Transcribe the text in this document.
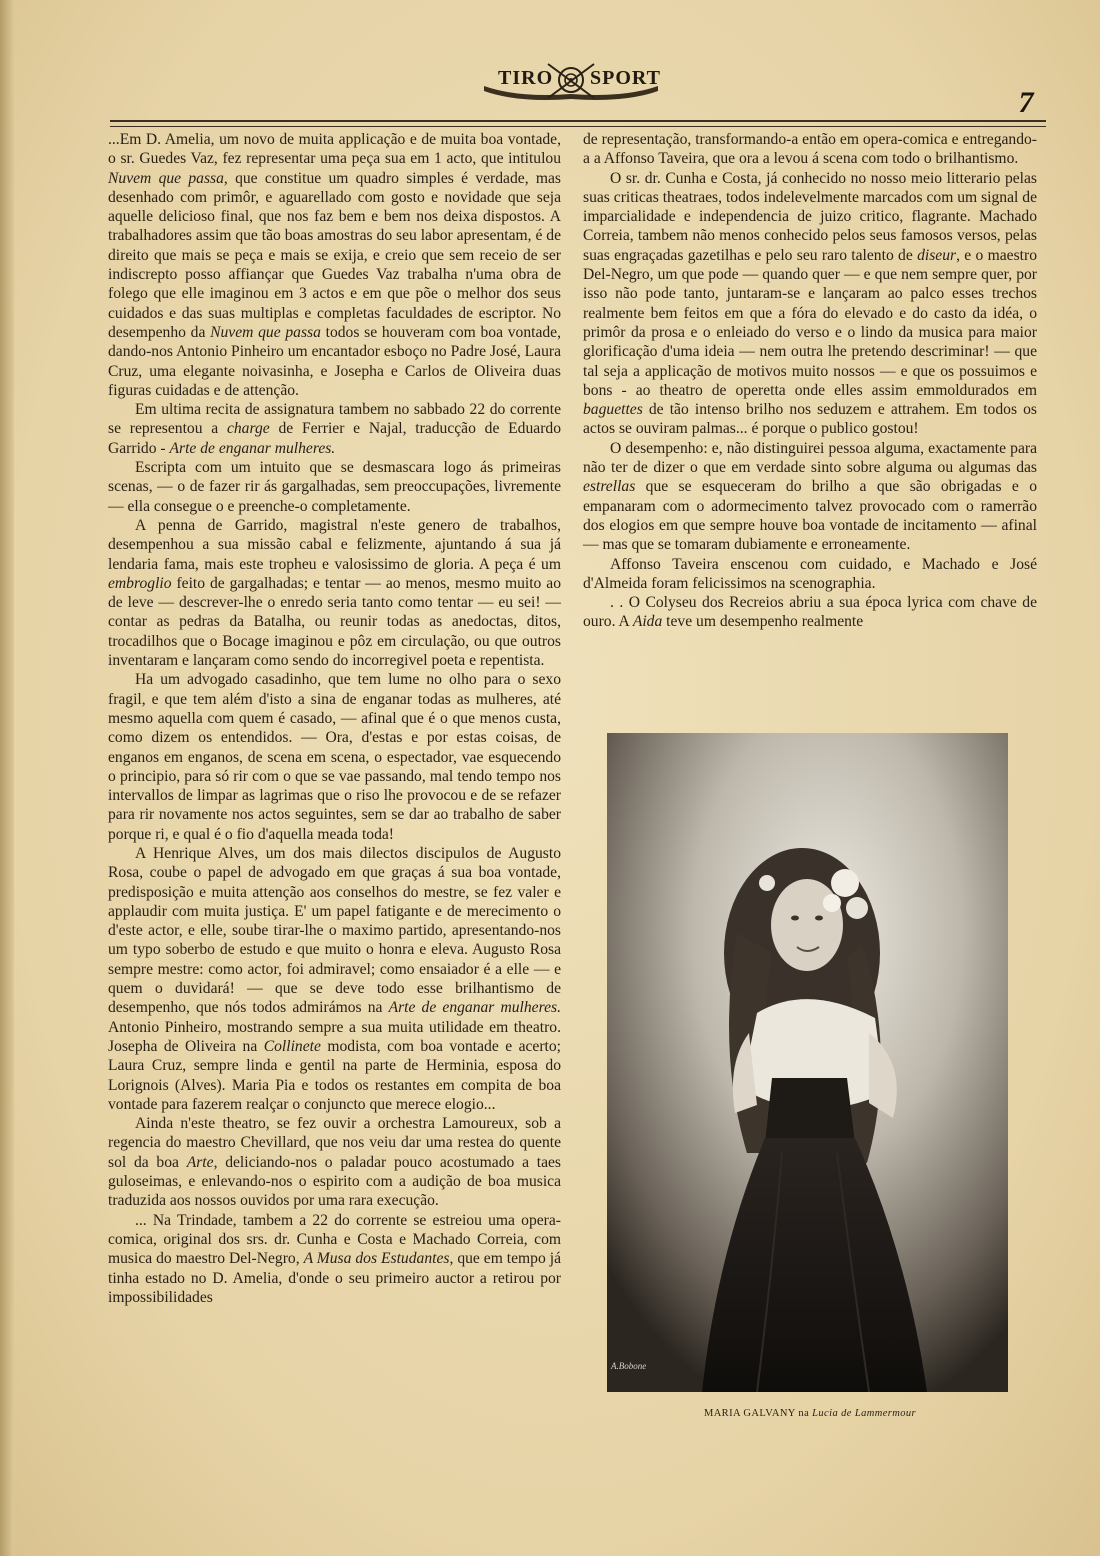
TIRO SPORT
7

...Em D. Amelia, um novo de muita applicação e de muita boa vontade, o sr. Guedes Vaz, fez representar uma peça sua em 1 acto, que intitulou Nuvem que passa, que constitue um quadro simples é verdade, mas desenhado com primôr, e aguarellado com gosto e novidade que seja aquelle delicioso final, que nos faz bem e bem nos deixa dispostos. A trabalhadores assim que tão boas amostras do seu labor apresentam, é de direito que mais se peça e mais se exija, e creio que sem receio de ser indiscrepto posso affiançar que Guedes Vaz trabalha n'uma obra de folego que elle imaginou em 3 actos e em que põe o melhor dos seus cuidados e das suas multiplas e completas faculdades de escriptor. No desempenho da Nuvem que passa todos se houveram com boa vontade, dando-nos Antonio Pinheiro um encantador esboço no Padre José, Laura Cruz, uma elegante noivasinha, e Josepha e Carlos de Oliveira duas figuras cuidadas e de attenção.

Em ultima recita de assignatura tambem no sabbado 22 do corrente se representou a charge de Ferrier e Najal, traducção de Eduardo Garrido - Arte de enganar mulheres.

Escripta com um intuito que se desmascara logo ás primeiras scenas, — o de fazer rir ás gargalhadas, sem preoccupações, livremente — ella consegue o e preenche-o completamente.

A penna de Garrido, magistral n'este genero de trabalhos, desempenhou a sua missão cabal e felizmente, ajuntando á sua já lendaria fama, mais este tropheu e valosissimo de gloria. A peça é um embroglio feito de gargalhadas; e tentar — ao menos, mesmo muito ao de leve — descrever-lhe o enredo seria tanto como tentar — eu sei! — contar as pedras da Batalha, ou reunir todas as anedoctas, ditos, trocadilhos que o Bocage imaginou e pôz em circulação, ou que outros inventaram e lançaram como sendo do incorregivel poeta e repentista.

Ha um advogado casadinho, que tem lume no olho para o sexo fragil, e que tem além d'isto a sina de enganar todas as mulheres, até mesmo aquella com quem é casado, — afinal que é o que menos custa, como dizem os entendidos. — Ora, d'estas e por estas coisas, de enganos em enganos, de scena em scena, o espectador, vae esquecendo o principio, para só rir com o que se vae passando, mal tendo tempo nos intervallos de limpar as lagrimas que o riso lhe provocou e de se refazer para rir novamente nos actos seguintes, sem se dar ao trabalho de saber porque ri, e qual é o fio d'aquella meada toda!

A Henrique Alves, um dos mais dilectos discipulos de Augusto Rosa, coube o papel de advogado em que graças á sua boa vontade, predisposição e muita attenção aos conselhos do mestre, se fez valer e applaudir com muita justiça. E' um papel fatigante e de merecimento o d'este actor, e elle, soube tirar-lhe o maximo partido, apresentando-nos um typo soberbo de estudo e que muito o honra e eleva. Augusto Rosa sempre mestre: como actor, foi admiravel; como ensaiador é a elle — e quem o duvidará! — que se deve todo esse brilhantismo de desempenho, que nós todos admirámos na Arte de enganar mulheres. Antonio Pinheiro, mostrando sempre a sua muita utilidade em theatro. Josepha de Oliveira na Collinete modista, com boa vontade e acerto; Laura Cruz, sempre linda e gentil na parte de Herminia, esposa do Lorignois (Alves). Maria Pia e todos os restantes em compita de boa vontade para fazerem realçar o conjuncto que merece elogio...

Ainda n'este theatro, se fez ouvir a orchestra Lamoureux, sob a regencia do maestro Chevillard, que nos veiu dar uma restea do quente sol da boa Arte, deliciando-nos o paladar pouco acostumado a taes guloseimas, e enlevando-nos o espirito com a audição de boa musica traduzida aos nossos ouvidos por uma rara execução.

... Na Trindade, tambem a 22 do corrente se estreiou uma opera-comica, original dos srs. dr. Cunha e Costa e Machado Correia, com musica do maestro Del-Negro, A Musa dos Estudantes, que em tempo já tinha estado no D. Amelia, d'onde o seu primeiro auctor a retirou por impossibilidades

de representação, transformando-a então em opera-comica e entregando-a a Affonso Taveira, que ora a levou á scena com todo o brilhantismo.

O sr. dr. Cunha e Costa, já conhecido no nosso meio litterario pelas suas criticas theatraes, todos indelevelmente marcados com um signal de imparcialidade e independencia de juizo critico, flagrante. Machado Correia, tambem não menos conhecido pelos seus famosos versos, pelas suas engraçadas gazetilhas e pelo seu raro talento de diseur, e o maestro Del-Negro, um que pode — quando quer — e que nem sempre quer, por isso não pode tanto, juntaram-se e lançaram ao palco esses trechos realmente bem feitos em que a fóra do elevado e do casto da idéa, o primôr da prosa e o enleiado do verso e o lindo da musica para maior glorificação d'uma ideia — nem outra lhe pretendo descriminar! — que tal seja a applicação de motivos muito nossos — e que os possuimos e bons - ao theatro de operetta onde elles assim emmoldurados em baguettes de tão intenso brilho nos seduzem e attrahem. Em todos os actos se ouviram palmas... é porque o publico gostou!

O desempenho: e, não distinguirei pessoa alguma, exactamente para não ter de dizer o que em verdade sinto sobre alguma ou algumas das estrellas que se esqueceram do brilho a que são obrigadas e o empanaram com o adormecimento talvez provocado com o ramerrão dos elogios em que sempre houve boa vontade de incitamento — afinal — mas que se tomaram dubiamente e erroneamente.

Affonso Taveira enscenou com cuidado, e Machado e José d'Almeida foram felicissimos na scenographia.

. . O Colyseu dos Recreios abriu a sua época lyrica com chave de ouro. A Aida teve um desempenho realmente

A.Bobone
MARIA GALVANY na Lucia de Lammermour
